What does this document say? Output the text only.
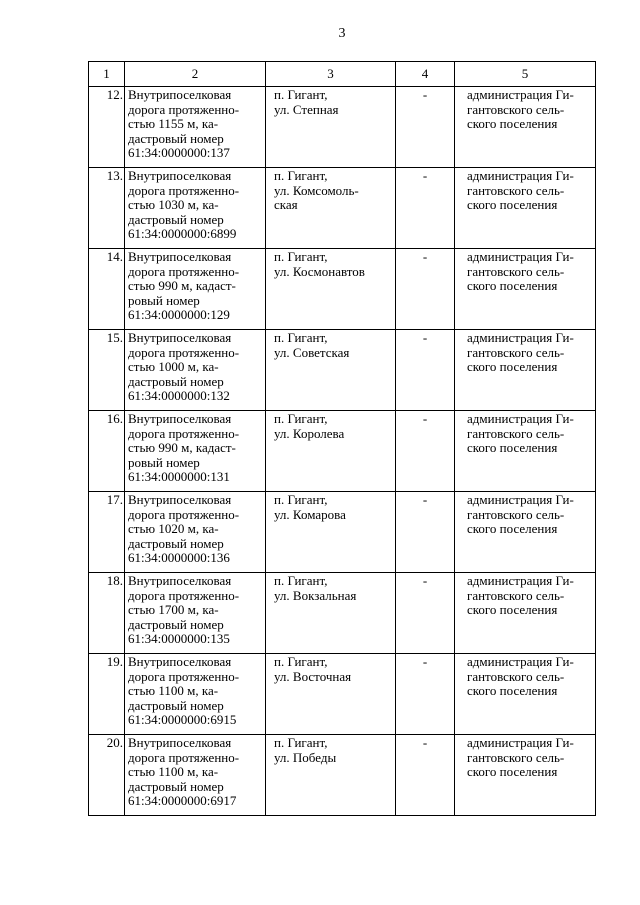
3
1	2	3	4	5
12.	Внутрипоселковая
дорога протяженно-
стью 1155 м, ка-
дастровый номер
61:34:0000000:137	п. Гигант,
ул. Степная	-	администрация Ги-
гантовского сель-
ского поселения
13.	Внутрипоселковая
дорога протяженно-
стью 1030 м, ка-
дастровый номер
61:34:0000000:6899	п. Гигант,
ул. Комсомоль-
ская	-	администрация Ги-
гантовского сель-
ского поселения
14.	Внутрипоселковая
дорога протяженно-
стью 990 м, кадаст-
ровый номер
61:34:0000000:129	п. Гигант,
ул. Космонавтов	-	администрация Ги-
гантовского сель-
ского поселения
15.	Внутрипоселковая
дорога протяженно-
стью 1000 м, ка-
дастровый номер
61:34:0000000:132	п. Гигант,
ул. Советская	-	администрация Ги-
гантовского сель-
ского поселения
16.	Внутрипоселковая
дорога протяженно-
стью 990 м, кадаст-
ровый номер
61:34:0000000:131	п. Гигант,
ул. Королева	-	администрация Ги-
гантовского сель-
ского поселения
17.	Внутрипоселковая
дорога протяженно-
стью 1020 м, ка-
дастровый номер
61:34:0000000:136	п. Гигант,
ул. Комарова	-	администрация Ги-
гантовского сель-
ского поселения
18.	Внутрипоселковая
дорога протяженно-
стью 1700 м, ка-
дастровый номер
61:34:0000000:135	п. Гигант,
ул. Вокзальная	-	администрация Ги-
гантовского сель-
ского поселения
19.	Внутрипоселковая
дорога протяженно-
стью 1100 м, ка-
дастровый номер
61:34:0000000:6915	п. Гигант,
ул. Восточная	-	администрация Ги-
гантовского сель-
ского поселения
20.	Внутрипоселковая
дорога протяженно-
стью 1100 м, ка-
дастровый номер
61:34:0000000:6917	п. Гигант,
ул. Победы	-	администрация Ги-
гантовского сель-
ского поселения
